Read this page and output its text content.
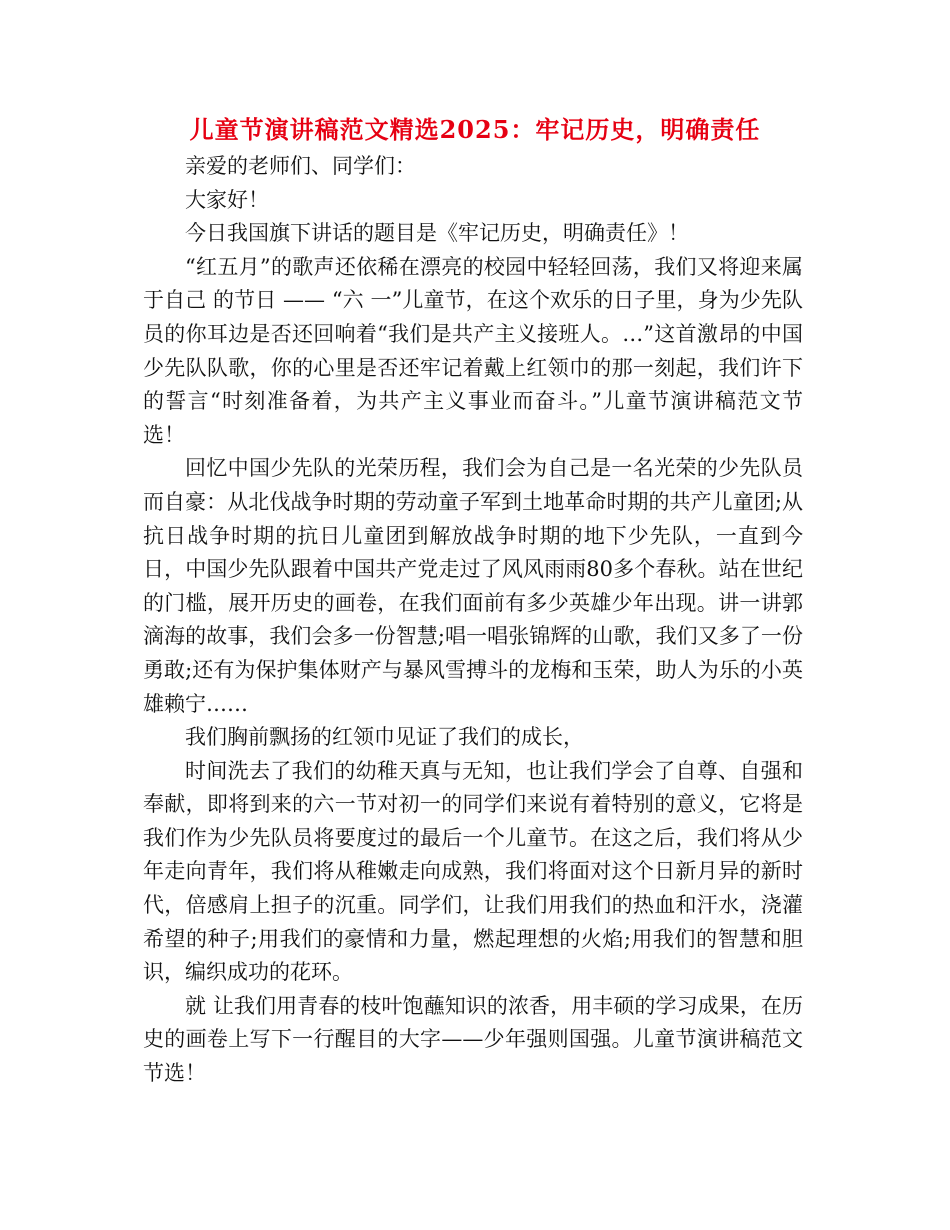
儿童节演讲稿范文精选2025：牢记历史，明确责任

亲爱的老师们、同学们：

大家好！

今日我国旗下讲话的题目是《牢记历史，明确责任》！

“红五月”的歌声还依稀在漂亮的校园中轻轻回荡，我们又将迎来属于自己 的节日 —— “六 一”儿童节，在这个欢乐的日子里，身为少先队员的你耳边是否还回响着“我们是共产主义接班人。…”这首激昂的中国少先队队歌，你的心里是否还牢记着戴上红领巾的那一刻起，我们许下的誓言“时刻准备着，为共产主义事业而奋斗。”儿童节演讲稿范文节选！

回忆中国少先队的光荣历程，我们会为自己是一名光荣的少先队员而自豪：从北伐战争时期的劳动童子军到土地革命时期的共产儿童团;从抗日战争时期的抗日儿童团到解放战争时期的地下少先队，一直到今日，中国少先队跟着中国共产党走过了风风雨雨80多个春秋。站在世纪的门槛，展开历史的画卷，在我们面前有多少英雄少年出现。讲一讲郭滴海的故事，我们会多一份智慧;唱一唱张锦辉的山歌，我们又多了一份勇敢;还有为保护集体财产与暴风雪搏斗的龙梅和玉荣，助人为乐的小英雄赖宁……

我们胸前飘扬的红领巾见证了我们的成长，

时间洗去了我们的幼稚天真与无知，也让我们学会了自尊、自强和奉献，即将到来的六一节对初一的同学们来说有着特别的意义，它将是我们作为少先队员将要度过的最后一个儿童节。在这之后，我们将从少年走向青年，我们将从稚嫩走向成熟，我们将面对这个日新月异的新时代，倍感肩上担子的沉重。同学们，让我们用我们的热血和汗水，浇灌希望的种子;用我们的豪情和力量，燃起理想的火焰;用我们的智慧和胆识，编织成功的花环。

就 让我们用青春的枝叶饱蘸知识的浓香，用丰硕的学习成果，在历史的画卷上写下一行醒目的大字——少年强则国强。儿童节演讲稿范文节选！
